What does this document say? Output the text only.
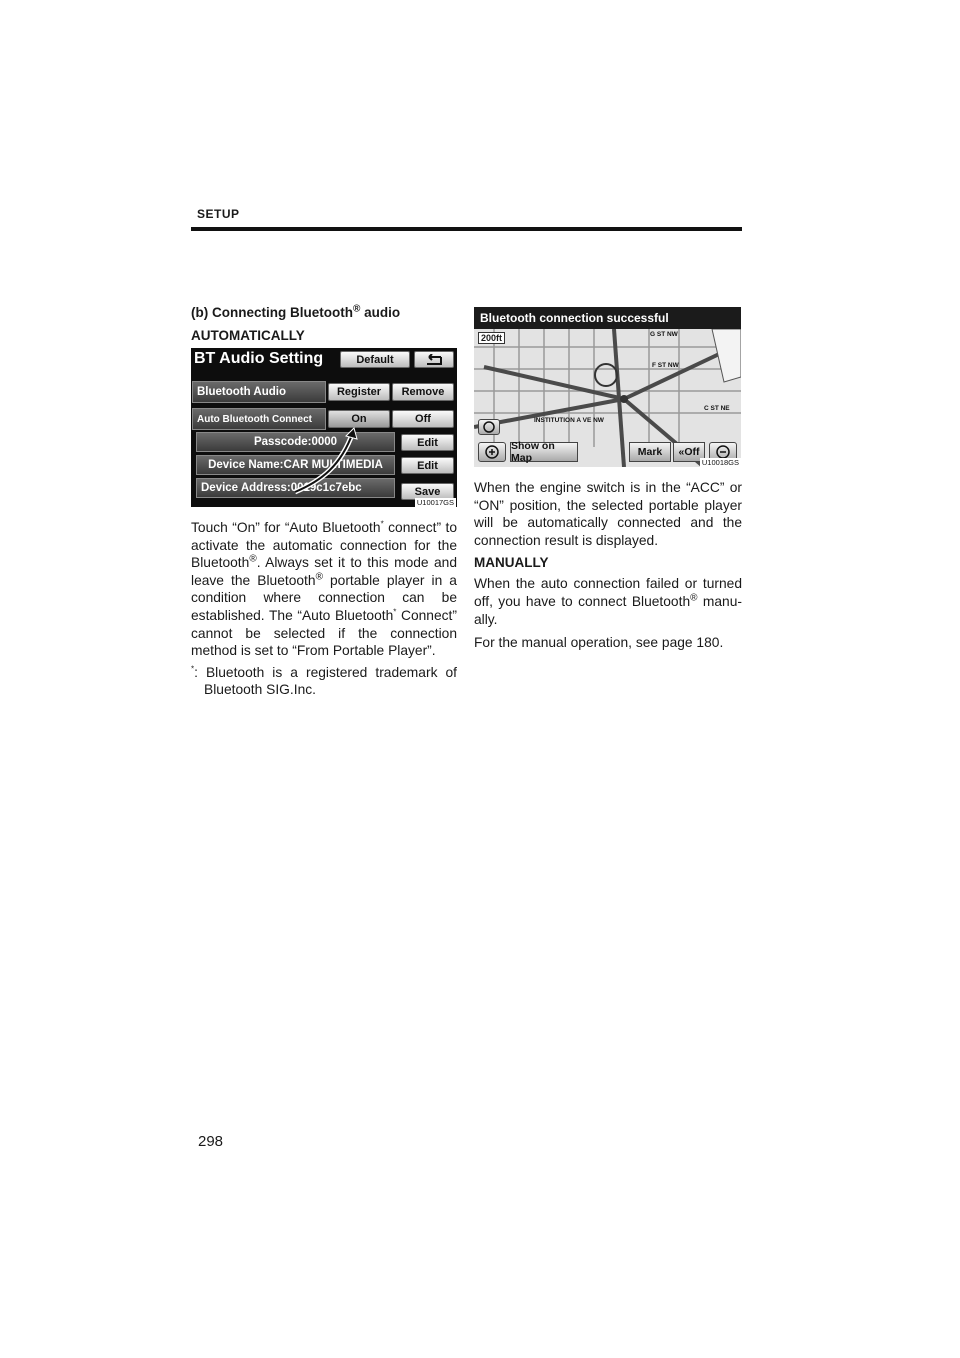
SETUP

(b) Connecting Bluetooth® audio

AUTOMATICALLY

BT Audio Setting	Default
Bluetooth Audio	Register	Remove
Auto Bluetooth Connect	On	Off
Passcode:0000	Edit
Device Name:CAR MULTIMEDIA	Edit
Device Address:0019c1c7ebc	Save
U10017GS

Touch “On” for “Auto Bluetooth* connect” to activate the automatic connection for the Bluetooth®. Always set it to this mode and leave the Bluetooth® portable player in a condition where connection can be established. The “Auto Bluetooth* Connect” cannot be selected if the connection method is set to “From Portable Player”.

*: Bluetooth is a registered trademark of Bluetooth SIG.Inc.

G ST NW
F ST NW
C ST NE
INSTITUTION A VE NW
Bluetooth connection successful
200ft
Show on Map	Mark	« Off
U10018GS

When the engine switch is in the “ACC” or “ON” position, the selected portable player will be automatically connected and the connection result is displayed.

MANUALLY

When the auto connection failed or turned off, you have to connect Bluetooth® manu-ally.

For the manual operation, see page 180.

298
